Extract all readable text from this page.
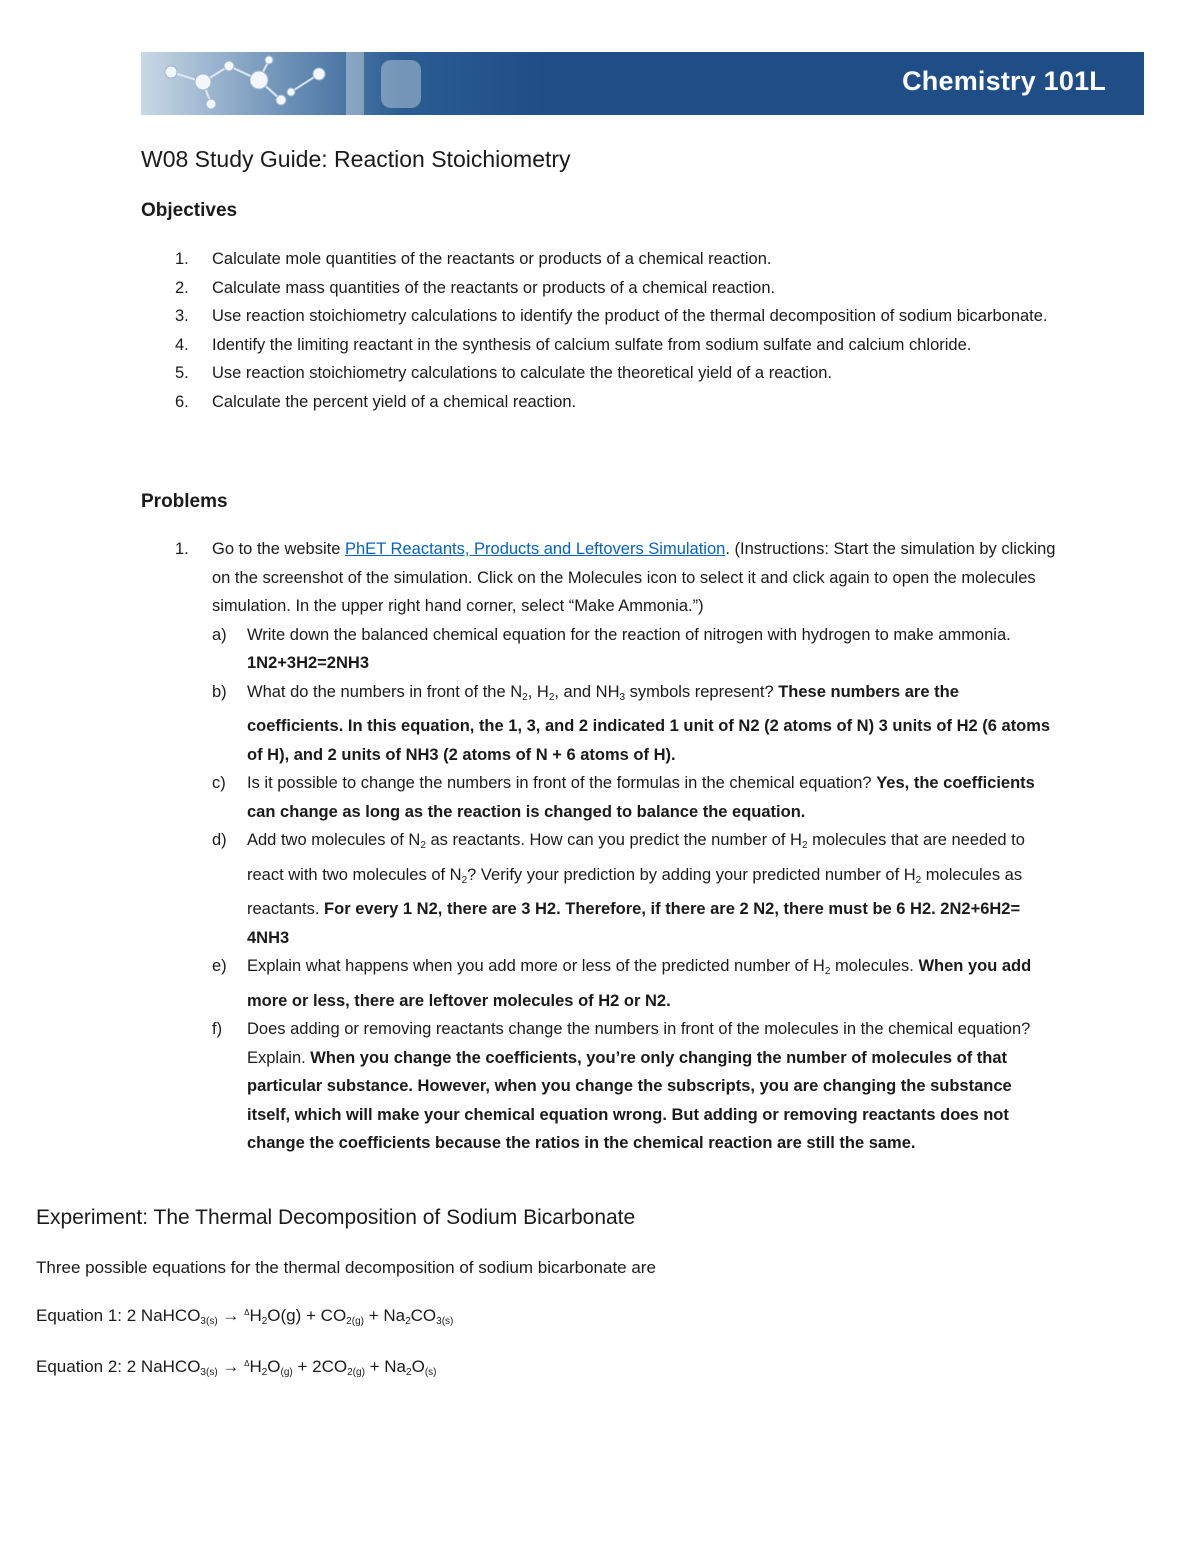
Chemistry 101L
W08 Study Guide: Reaction Stoichiometry
Objectives
1. Calculate mole quantities of the reactants or products of a chemical reaction.
2. Calculate mass quantities of the reactants or products of a chemical reaction.
3. Use reaction stoichiometry calculations to identify the product of the thermal decomposition of sodium bicarbonate.
4. Identify the limiting reactant in the synthesis of calcium sulfate from sodium sulfate and calcium chloride.
5. Use reaction stoichiometry calculations to calculate the theoretical yield of a reaction.
6. Calculate the percent yield of a chemical reaction.
Problems
1. Go to the website PhET Reactants, Products and Leftovers Simulation. (Instructions: Start the simulation by clicking on the screenshot of the simulation. Click on the Molecules icon to select it and click again to open the molecules simulation. In the upper right hand corner, select “Make Ammonia.”)
a) Write down the balanced chemical equation for the reaction of nitrogen with hydrogen to make ammonia. 1N2+3H2=2NH3
b) What do the numbers in front of the $N_2$, $H_2$, and $NH_3$ symbols represent? These numbers are the coefficients. In this equation, the 1, 3, and 2 indicated 1 unit of N2 (2 atoms of N) 3 units of H2 (6 atoms of H), and 2 units of NH3 (2 atoms of N + 6 atoms of H).
c) Is it possible to change the numbers in front of the formulas in the chemical equation? Yes, the coefficients can change as long as the reaction is changed to balance the equation.
d) Add two molecules of $N_2$ as reactants. How can you predict the number of $H_2$ molecules that are needed to react with two molecules of $N_2$? Verify your prediction by adding your predicted number of $H_2$ molecules as reactants. For every 1 N2, there are 3 H2. Therefore, if there are 2 N2, there must be 6 H2. 2N2+6H2= 4NH3
e) Explain what happens when you add more or less of the predicted number of $H_2$ molecules. When you add more or less, there are leftover molecules of H2 or N2.
f) Does adding or removing reactants change the numbers in front of the molecules in the chemical equation? Explain. When you change the coefficients, you’re only changing the number of molecules of that particular substance. However, when you change the subscripts, you are changing the substance itself, which will make your chemical equation wrong. But adding or removing reactants does not change the coefficients because the ratios in the chemical reaction are still the same.
Experiment: The Thermal Decomposition of Sodium Bicarbonate
Three possible equations for the thermal decomposition of sodium bicarbonate are
Equation 1: 2 NaHCO$_{3(s)}$ → $^\Delta H_2O(g) + CO_{2(g)} + Na_2CO_{3(s)}$
Equation 2: 2 NaHCO$_{3(s)}$ → $^\Delta H_2O_{(g)} + 2CO_{2(g)} + Na_2O_{(s)}$
